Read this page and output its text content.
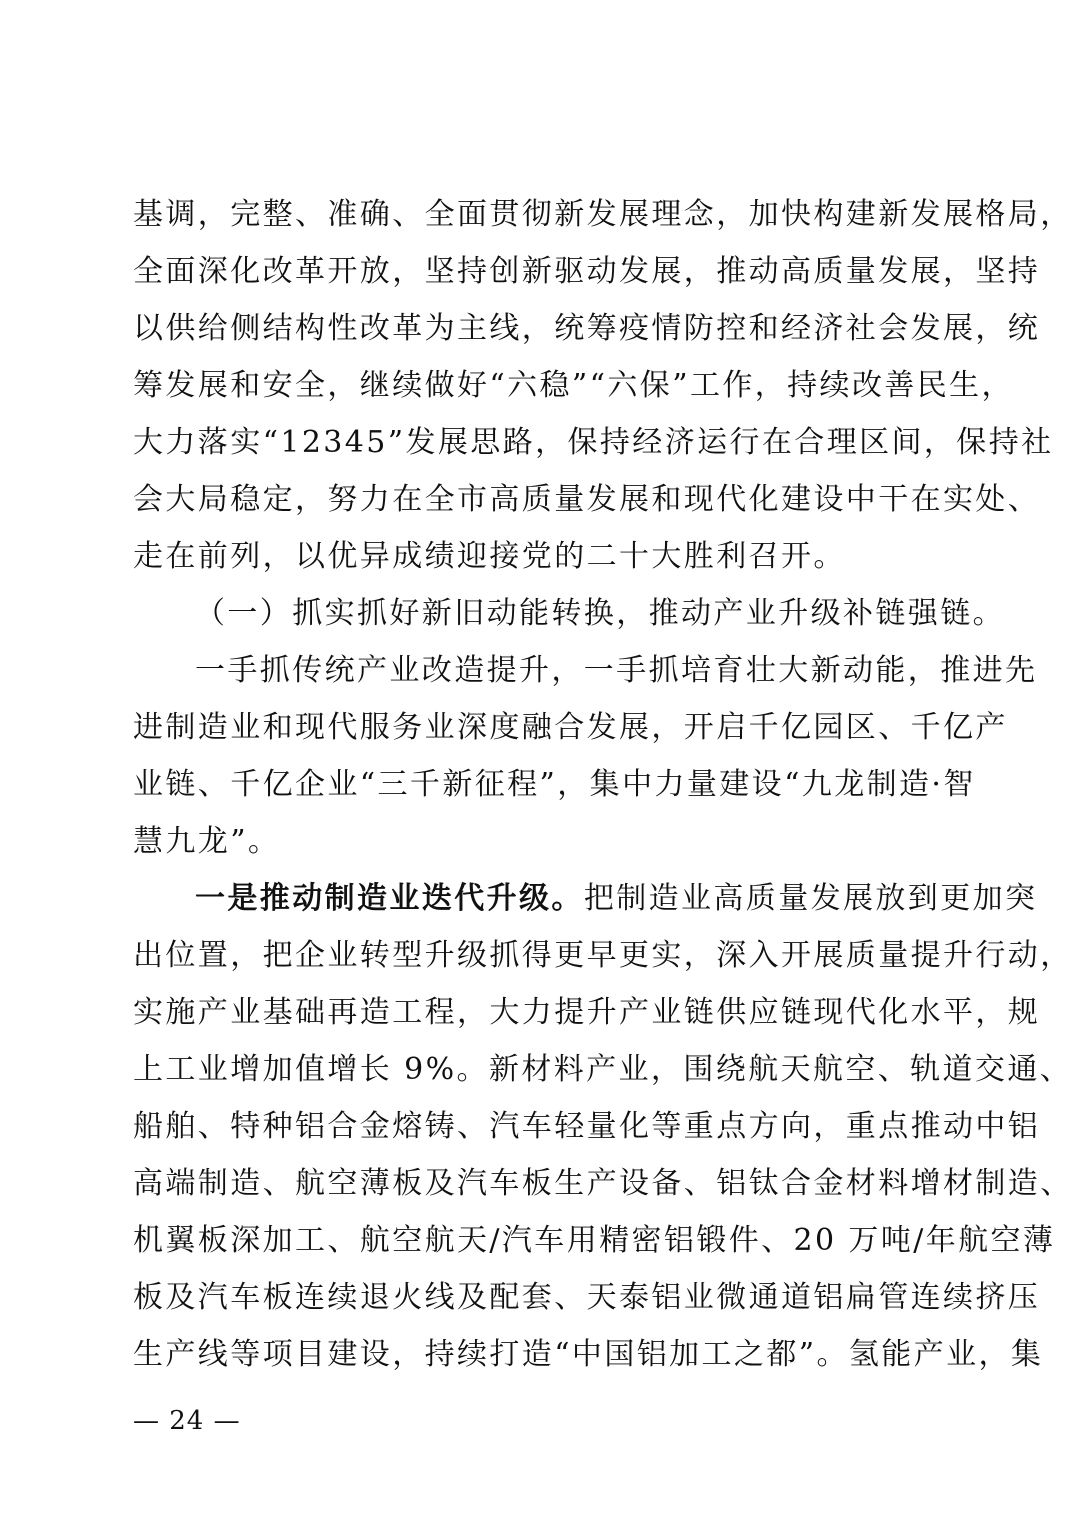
基调，完整、准确、全面贯彻新发展理念，加快构建新发展格局，
全面深化改革开放，坚持创新驱动发展，推动高质量发展，坚持
以供给侧结构性改革为主线，统筹疫情防控和经济社会发展，统
筹发展和安全，继续做好“六稳”“六保”工作，持续改善民生，
大力落实“12345”发展思路，保持经济运行在合理区间，保持社
会大局稳定，努力在全市高质量发展和现代化建设中干在实处、
走在前列，以优异成绩迎接党的二十大胜利召开。
（一）抓实抓好新旧动能转换，推动产业升级补链强链。
一手抓传统产业改造提升，一手抓培育壮大新动能，推进先
进制造业和现代服务业深度融合发展，开启千亿园区、千亿产
业链、千亿企业“三千新征程”，集中力量建设“九龙制造·智
慧九龙”。
一是推动制造业迭代升级。把制造业高质量发展放到更加突
出位置，把企业转型升级抓得更早更实，深入开展质量提升行动，
实施产业基础再造工程，大力提升产业链供应链现代化水平，规
上工业增加值增长 9%。新材料产业，围绕航天航空、轨道交通、
船舶、特种铝合金熔铸、汽车轻量化等重点方向，重点推动中铝
高端制造、航空薄板及汽车板生产设备、铝钛合金材料增材制造、
机翼板深加工、航空航天/汽车用精密铝锻件、20 万吨/年航空薄
板及汽车板连续退火线及配套、天泰铝业微通道铝扁管连续挤压
生产线等项目建设，持续打造“中国铝加工之都”。氢能产业，集
— 24 —
